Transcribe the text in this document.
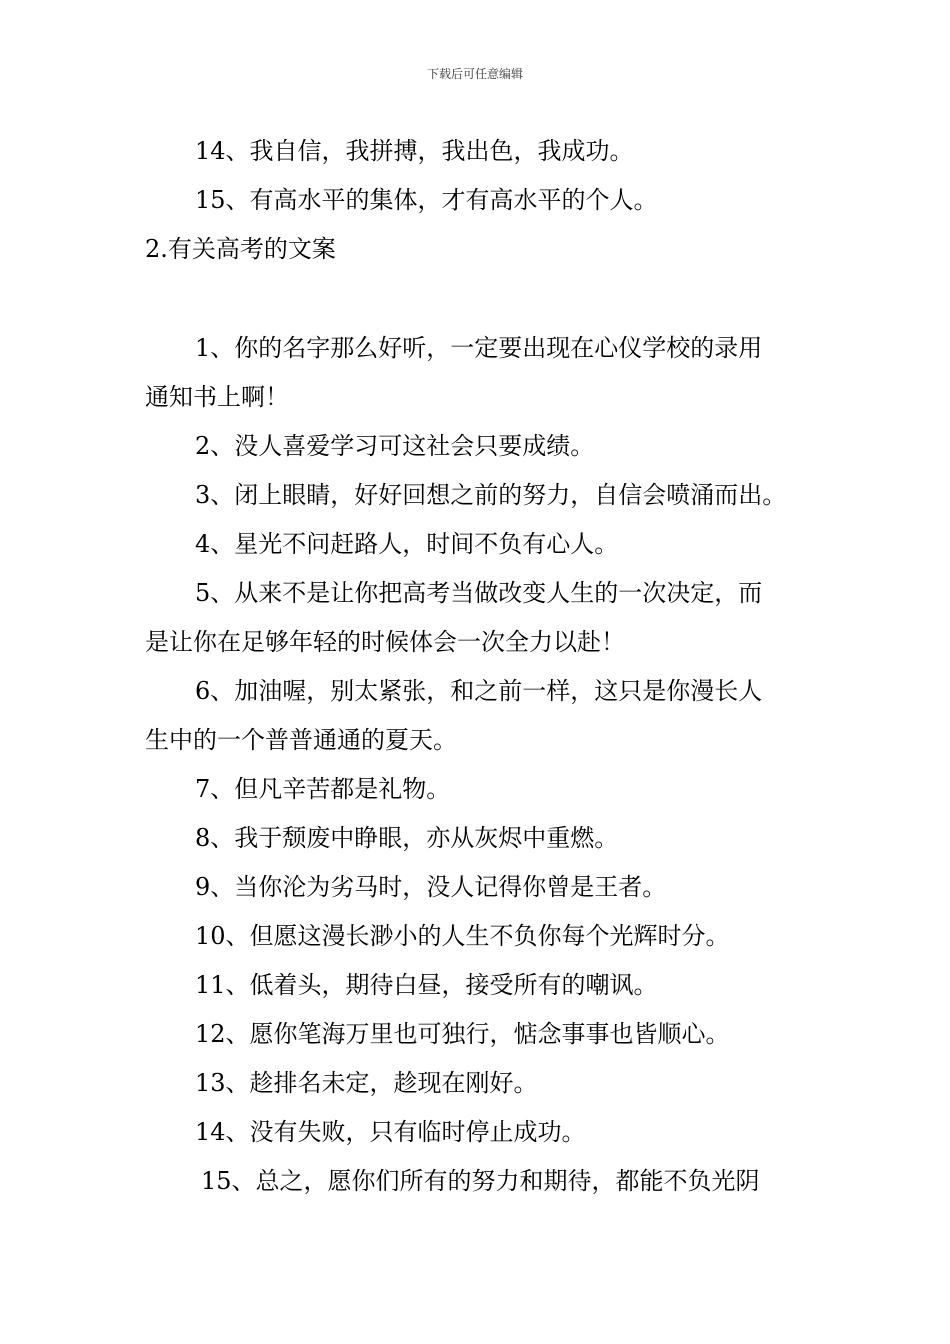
下载后可任意编辑
14、我自信，我拼搏，我出色，我成功。
15、有高水平的集体，才有高水平的个人。
2.有关高考的文案
1、你的名字那么好听，一定要出现在心仪学校的录用
通知书上啊！
2、没人喜爱学习可这社会只要成绩。
3、闭上眼睛，好好回想之前的努力，自信会喷涌而出。
4、星光不问赶路人，时间不负有心人。
5、从来不是让你把高考当做改变人生的一次决定，而
是让你在足够年轻的时候体会一次全力以赴！
6、加油喔，别太紧张，和之前一样，这只是你漫长人
生中的一个普普通通的夏天。
7、但凡辛苦都是礼物。
8、我于颓废中睁眼，亦从灰烬中重燃。
9、当你沦为劣马时，没人记得你曾是王者。
10、但愿这漫长渺小的人生不负你每个光辉时分。
11、低着头，期待白昼，接受所有的嘲讽。
12、愿你笔海万里也可独行，惦念事事也皆顺心。
13、趁排名未定，趁现在刚好。
14、没有失败，只有临时停止成功。
15、总之，愿你们所有的努力和期待，都能不负光阴
